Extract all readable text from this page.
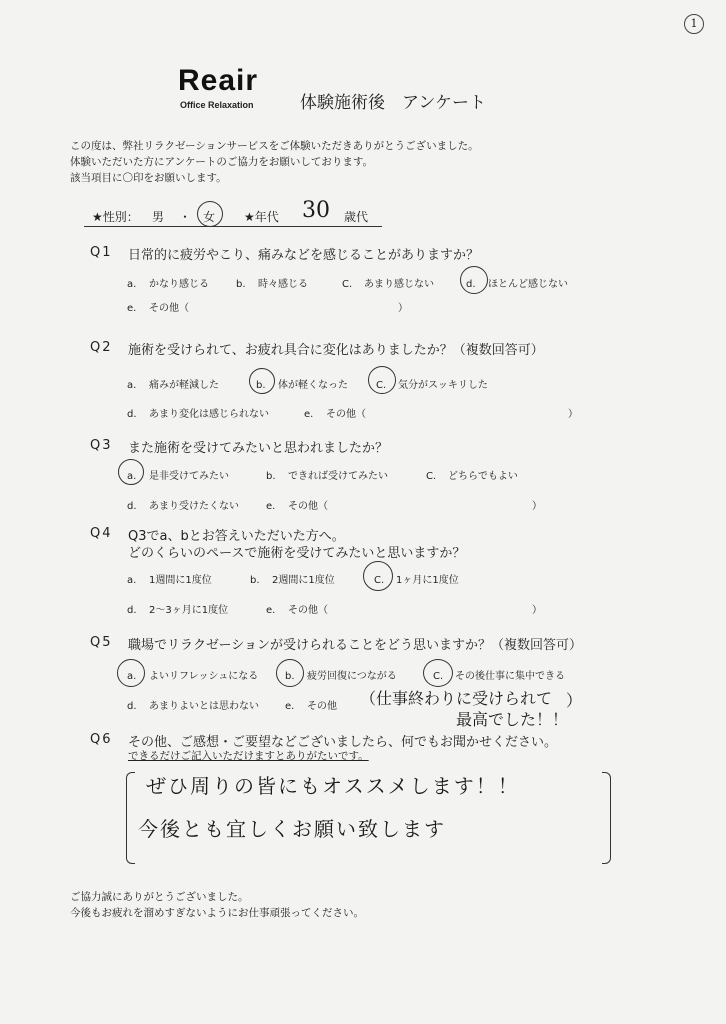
1
Reair
Office Relaxation	体験施術後　アンケート
この度は、弊社リラクゼーションサービスをご体験いただきありがとうございました。
体験いただいた方にアンケートのご協力をお願いしております。
該当項目に〇印をお願いします。
★性別： 男 ・ 女 ★年代 30 歳代
Q1 日常的に疲労やこり、痛みなどを感じることがありますか？
a. かなり感じる	b. 時々感じる	C. あまり感じない	d. ほとんど感じない
e. その他（	）
Q2 施術を受けられて、お疲れ具合に変化はありましたか？（複数回答可）
a. 痛みが軽減した	b. 体が軽くなった	C. 気分がスッキリした
d. あまり変化は感じられない	e. その他（	）
Q3 また施術を受けてみたいと思われましたか？
a. 是非受けてみたい	b. できれば受けてみたい	C. どちらでもよい
d. あまり受けたくない	e. その他（	）
Q4 Q3でa、bとお答えいただいた方へ。
どのくらいのペースで施術を受けてみたいと思いますか？
a. 1週間に1度位	b. 2週間に1度位	C. 1ヶ月に1度位
d. 2〜3ヶ月に1度位	e. その他（	）
Q5 職場でリラクゼーションが受けられることをどう思いますか？（複数回答可）
a. よいリフレッシュになる	b. 疲労回復につながる	C. その後仕事に集中できる
d. あまりよいとは思わない	e. その他 （仕事終わりに受けられて
最高でした！！
）
Q6 その他、ご感想・ご要望などございましたら、何でもお聞かせください。
できるだけご記入いただけますとありがたいです。
ぜひ周りの皆にもオススメします！！
今後とも宜しくお願い致します
ご協力誠にありがとうございました。
今後もお疲れを溜めすぎないようにお仕事頑張ってください。
